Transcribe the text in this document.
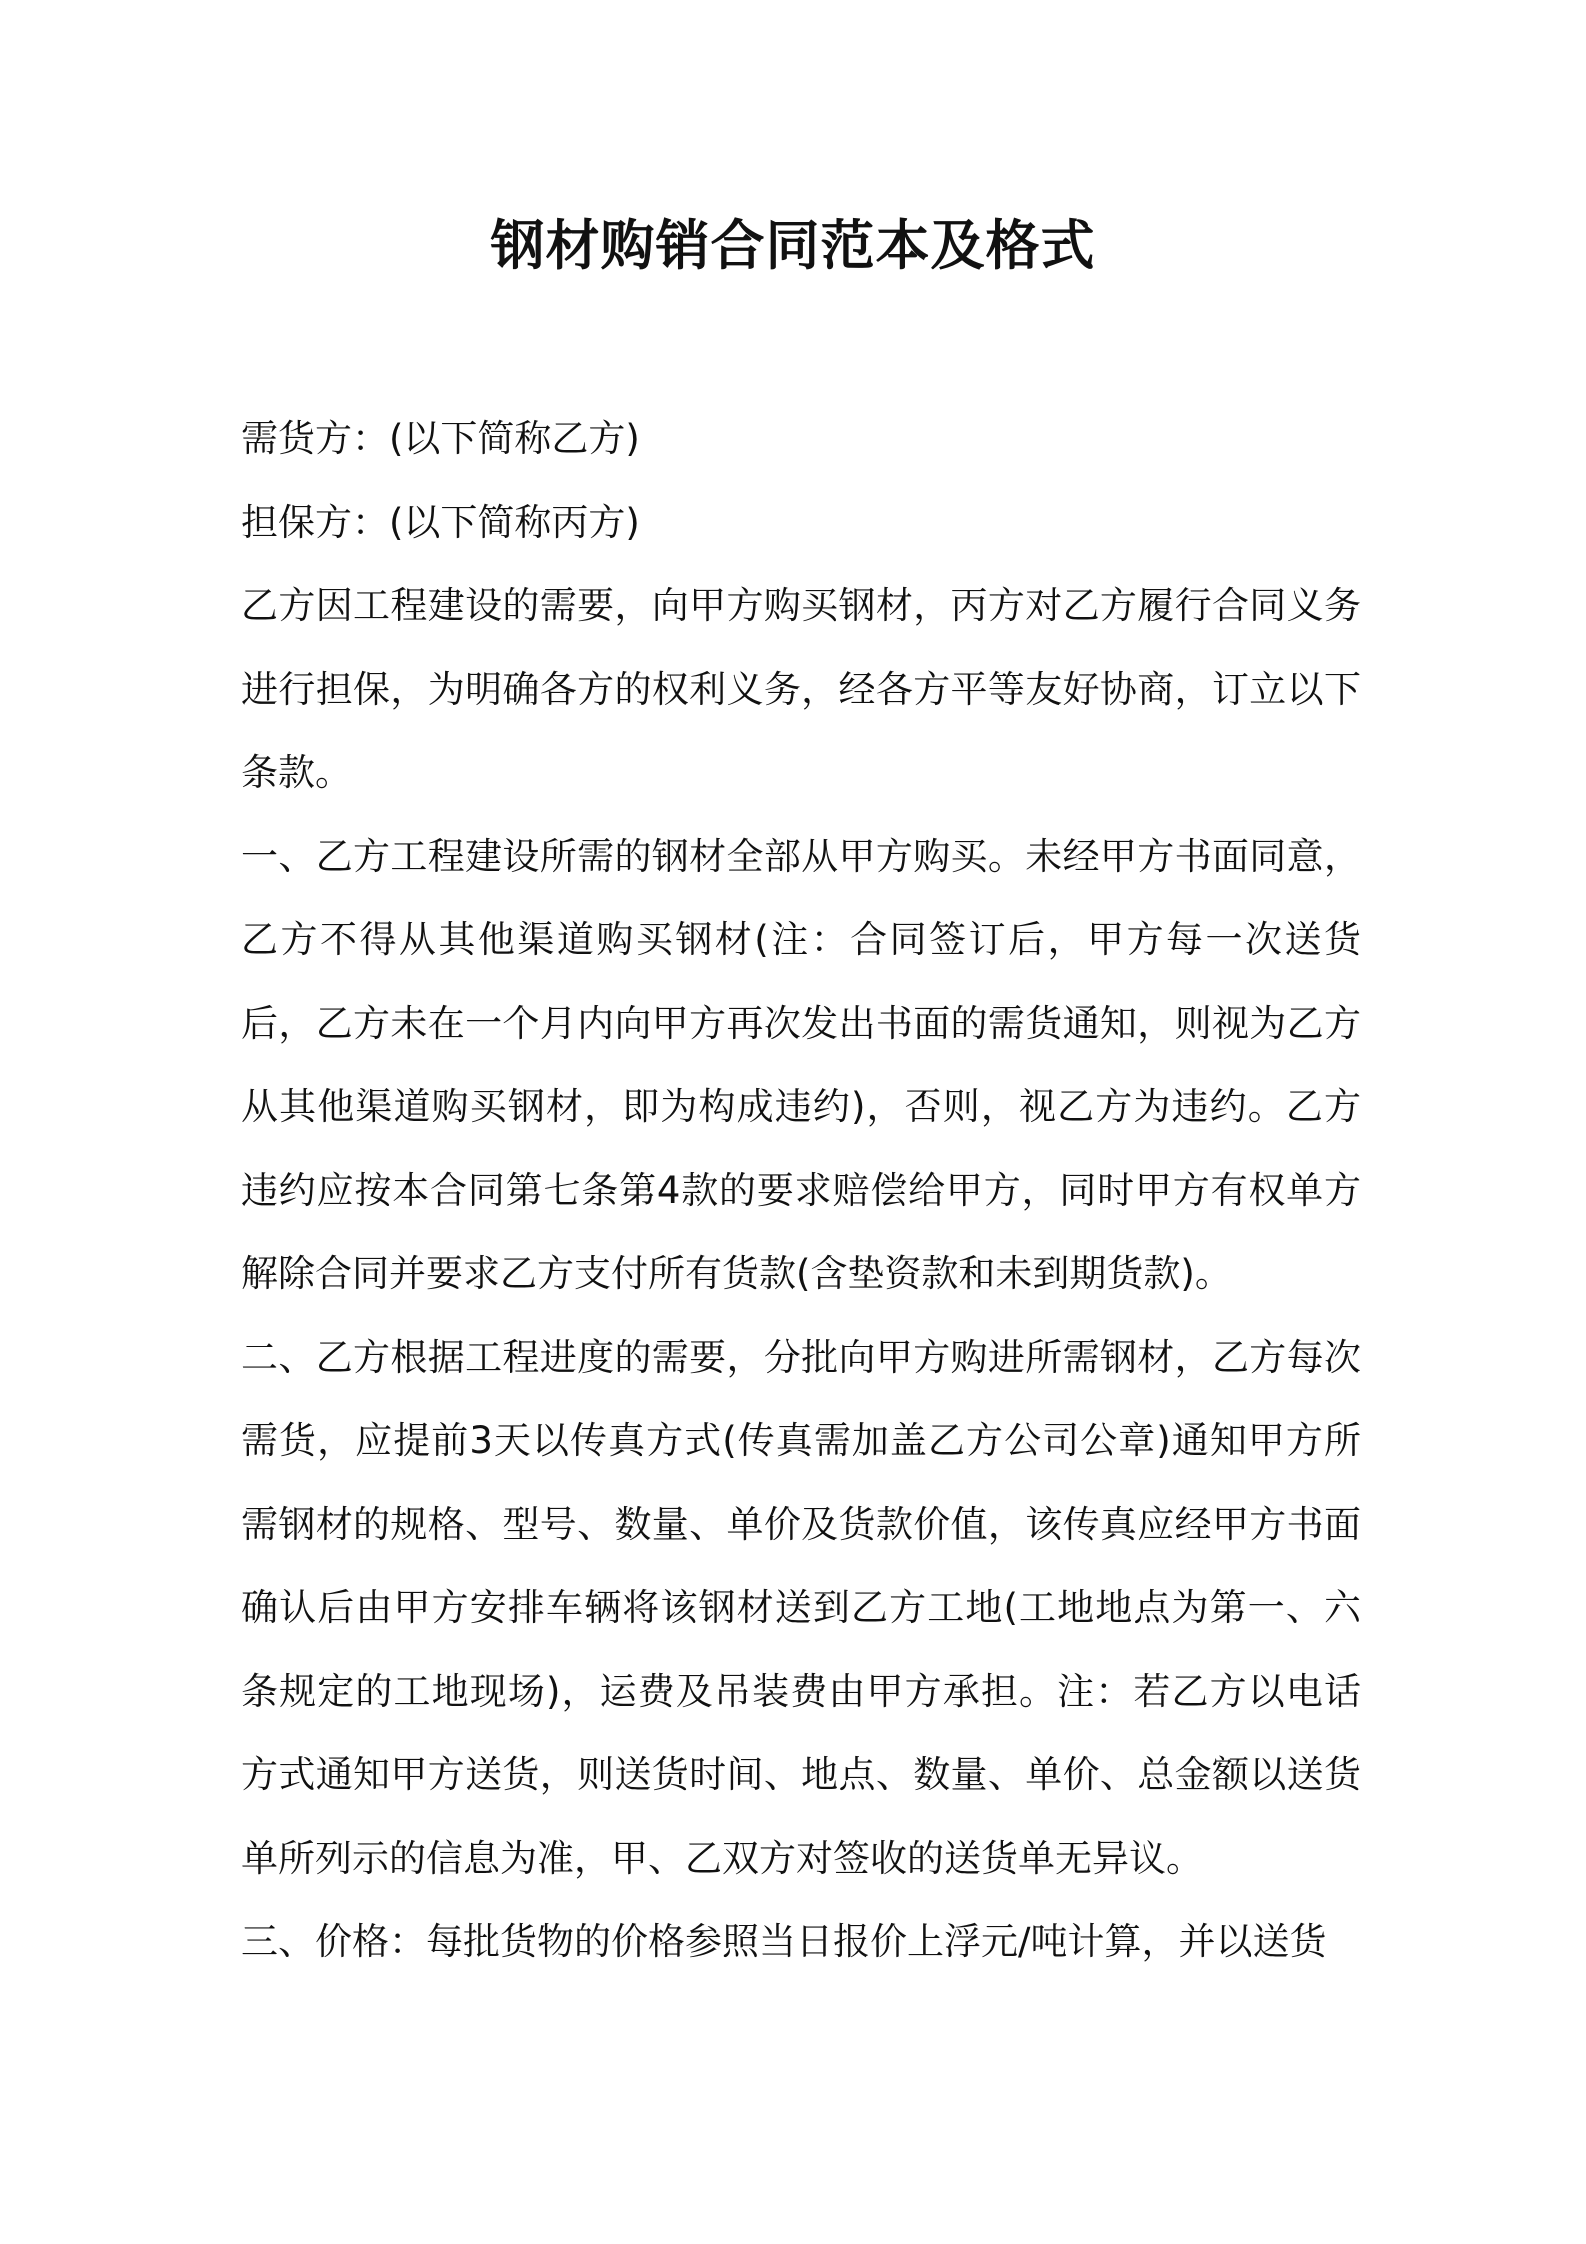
钢材购销合同范本及格式

需货方：(以下简称乙方)

担保方：(以下简称丙方)

乙方因工程建设的需要，向甲方购买钢材，丙方对乙方履行合同义务进行担保，为明确各方的权利义务，经各方平等友好协商，订立以下条款。

一、乙方工程建设所需的钢材全部从甲方购买。未经甲方书面同意，乙方不得从其他渠道购买钢材(注：合同签订后，甲方每一次送货后，乙方未在一个月内向甲方再次发出书面的需货通知，则视为乙方从其他渠道购买钢材，即为构成违约)，否则，视乙方为违约。乙方违约应按本合同第七条第4款的要求赔偿给甲方，同时甲方有权单方解除合同并要求乙方支付所有货款(含垫资款和未到期货款)。

二、乙方根据工程进度的需要，分批向甲方购进所需钢材，乙方每次需货，应提前3天以传真方式(传真需加盖乙方公司公章)通知甲方所需钢材的规格、型号、数量、单价及货款价值，该传真应经甲方书面确认后由甲方安排车辆将该钢材送到乙方工地(工地地点为第一、六条规定的工地现场)，运费及吊装费由甲方承担。注：若乙方以电话方式通知甲方送货，则送货时间、地点、数量、单价、总金额以送货单所列示的信息为准，甲、乙双方对签收的送货单无异议。

三、价格：每批货物的价格参照当日报价上浮元/吨计算，并以送货
